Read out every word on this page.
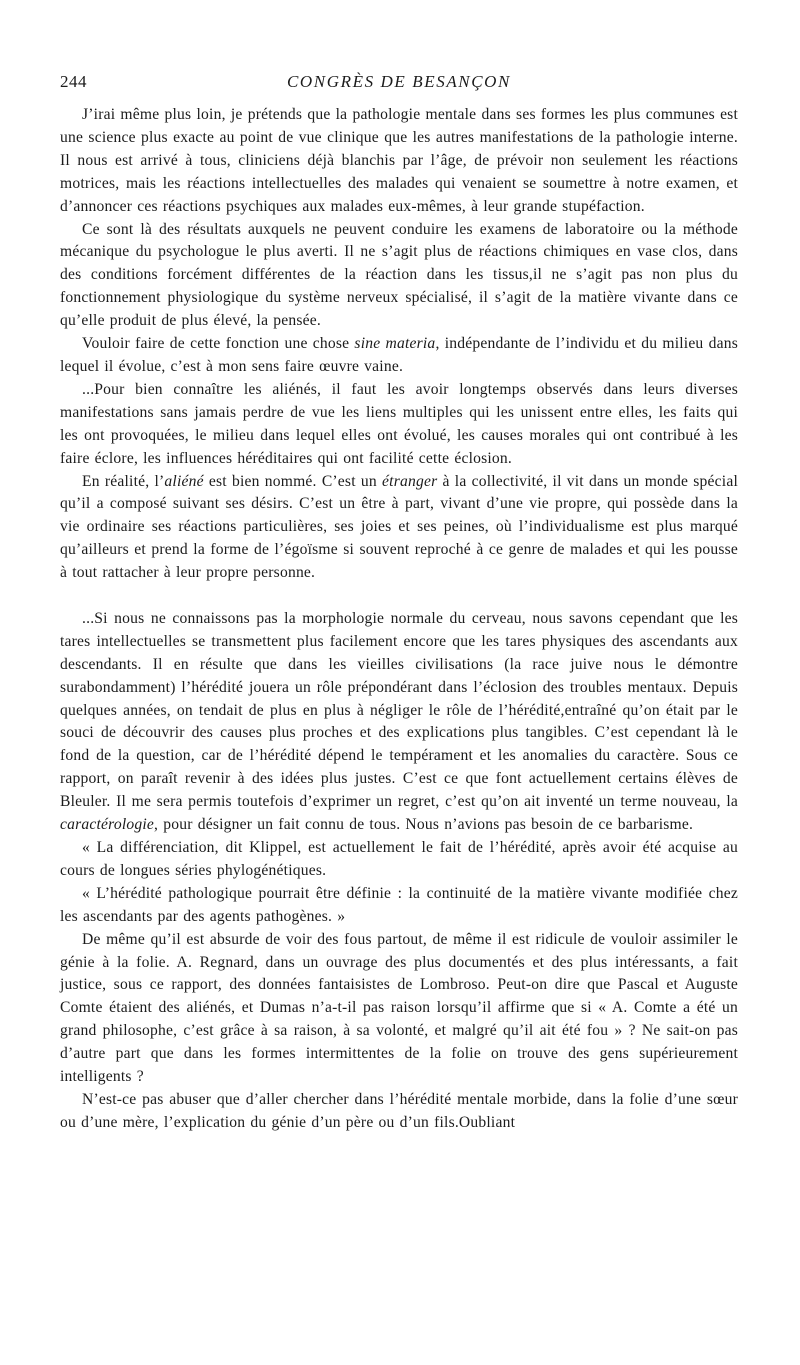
244	CONGRÈS DE BESANÇON

J’irai même plus loin, je prétends que la pathologie mentale dans ses formes les plus communes est une science plus exacte au point de vue clinique que les autres manifestations de la pathologie interne. Il nous est arrivé à tous, cliniciens déjà blanchis par l’âge, de prévoir non seulement les réactions motrices, mais les réactions intellectuelles des malades qui venaient se soumettre à notre examen, et d’annoncer ces réactions psychiques aux malades eux-mêmes, à leur grande stupéfaction.

Ce sont là des résultats auxquels ne peuvent conduire les examens de laboratoire ou la méthode mécanique du psychologue le plus averti. Il ne s’agit plus de réactions chimiques en vase clos, dans des conditions forcément différentes de la réaction dans les tissus,il ne s’agit pas non plus du fonctionnement physiologique du système nerveux spécialisé, il s’agit de la matière vivante dans ce qu’elle produit de plus élevé, la pensée.

Vouloir faire de cette fonction une chose sine materia, indépendante de l’individu et du milieu dans lequel il évolue, c’est à mon sens faire œuvre vaine.

...Pour bien connaître les aliénés, il faut les avoir longtemps observés dans leurs diverses manifestations sans jamais perdre de vue les liens multiples qui les unissent entre elles, les faits qui les ont provoquées, le milieu dans lequel elles ont évolué, les causes morales qui ont contribué à les faire éclore, les influences héréditaires qui ont facilité cette éclosion.

En réalité, l’aliéné est bien nommé. C’est un étranger à la collectivité, il vit dans un monde spécial qu’il a composé suivant ses désirs. C’est un être à part, vivant d’une vie propre, qui possède dans la vie ordinaire ses réactions particulières, ses joies et ses peines, où l’individualisme est plus marqué qu’ailleurs et prend la forme de l’égoïsme si souvent reproché à ce genre de malades et qui les pousse à tout rattacher à leur propre personne.

...Si nous ne connaissons pas la morphologie normale du cerveau, nous savons cependant que les tares intellectuelles se transmettent plus facilement encore que les tares physiques des ascendants aux descendants. Il en résulte que dans les vieilles civilisations (la race juive nous le démontre surabondamment) l’hérédité jouera un rôle prépondérant dans l’éclosion des troubles mentaux. Depuis quelques années, on tendait de plus en plus à négliger le rôle de l’hérédité,entraîné qu’on était par le souci de découvrir des causes plus proches et des explications plus tangibles. C’est cependant là le fond de la question, car de l’hérédité dépend le tempérament et les anomalies du caractère. Sous ce rapport, on paraît revenir à des idées plus justes. C’est ce que font actuellement certains élèves de Bleuler. Il me sera permis toutefois d’exprimer un regret, c’est qu’on ait inventé un terme nouveau, la caractérologie, pour désigner un fait connu de tous. Nous n’avions pas besoin de ce barbarisme.

« La différenciation, dit Klippel, est actuellement le fait de l’hérédité, après avoir été acquise au cours de longues séries phylogénétiques.

« L’hérédité pathologique pourrait être définie : la continuité de la matière vivante modifiée chez les ascendants par des agents pathogènes. »

De même qu’il est absurde de voir des fous partout, de même il est ridicule de vouloir assimiler le génie à la folie. A. Regnard, dans un ouvrage des plus documentés et des plus intéressants, a fait justice, sous ce rapport, des données fantaisistes de Lombroso. Peut-on dire que Pascal et Auguste Comte étaient des aliénés, et Dumas n’a-t-il pas raison lorsqu’il affirme que si « A. Comte a été un grand philosophe, c’est grâce à sa raison, à sa volonté, et malgré qu’il ait été fou » ? Ne sait-on pas d’autre part que dans les formes intermittentes de la folie on trouve des gens supérieurement intelligents ?

N’est-ce pas abuser que d’aller chercher dans l’hérédité mentale morbide, dans la folie d’une sœur ou d’une mère, l’explication du génie d’un père ou d’un fils.Oubliant
